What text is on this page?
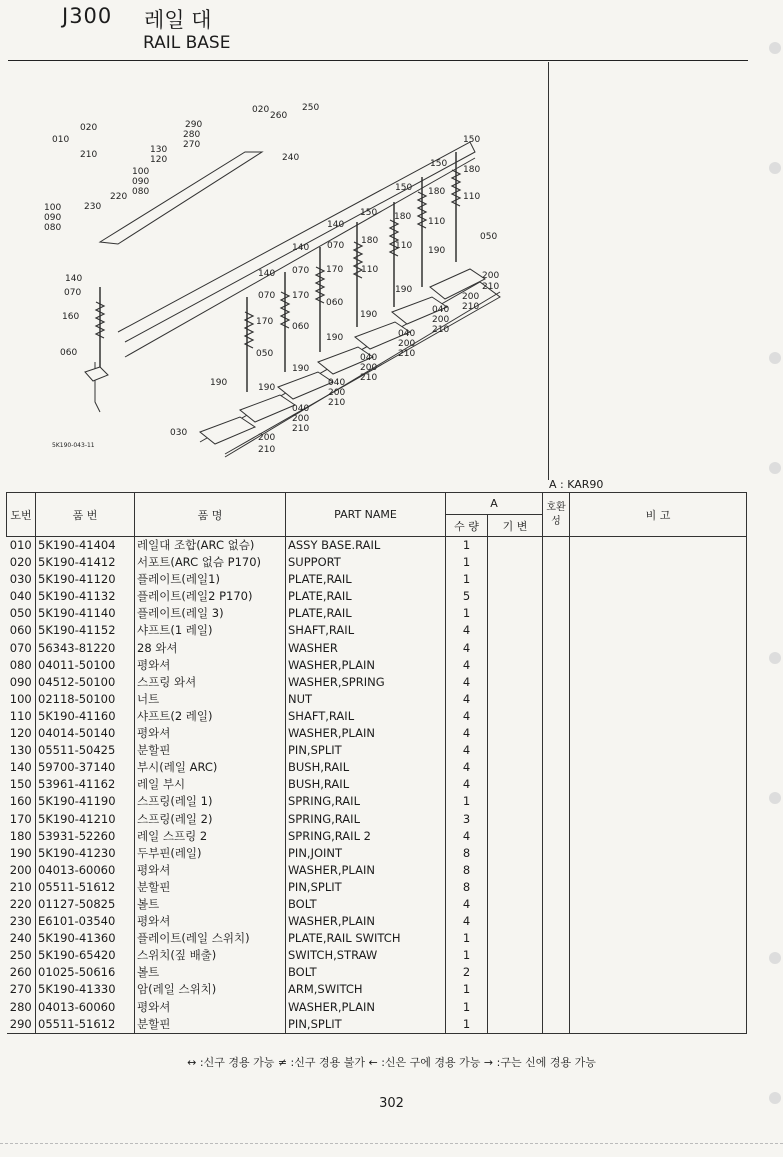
J300 레일 대
RAIL BASE
010
020
210
290
280
270
020
260
250
240
130
120
100
090
080
220
230
100
090
080
140
070
160
060
150
150
180
150 180 110
150 180 110
050
140
070 180 110 190
140
070 170 110
200
210
200
210
140
070 170
060
190
190
040
200
210
170 060
040
200
210
050
190
040
200
210
190	190
190
040
200
210
040
200
210
030	200
210
5K190-043-11
A : KAR90
도번	품 번	품 명	PART NAME	A		호환성	비 고
				수 량	기 변		
010	5K190-41404	레일대 조합(ARC 없슴)	ASSY BASE.RAIL	1			
020	5K190-41412	서포트(ARC 없슴 P170)	SUPPORT	1			
030	5K190-41120	플레이트(레일1)	PLATE,RAIL	1			
040	5K190-41132	플레이트(레일2 P170)	PLATE,RAIL	5			
050	5K190-41140	플레이트(레일 3)	PLATE,RAIL	1			
060	5K190-41152	샤프트(1 레일)	SHAFT,RAIL	4			
070	56343-81220	28 와셔	WASHER	4			
080	04011-50100	평와셔	WASHER,PLAIN	4			
090	04512-50100	스프링 와셔	WASHER,SPRING	4			
100	02118-50100	너트	NUT	4			
110	5K190-41160	샤프트(2 레일)	SHAFT,RAIL	4			
120	04014-50140	평와셔	WASHER,PLAIN	4			
130	05511-50425	분할핀	PIN,SPLIT	4			
140	59700-37140	부시(레일 ARC)	BUSH,RAIL	4			
150	53961-41162	레일 부시	BUSH,RAIL	4			
160	5K190-41190	스프링(레일 1)	SPRING,RAIL	1			
170	5K190-41210	스프링(레일 2)	SPRING,RAIL	3			
180	53931-52260	레일 스프링 2	SPRING,RAIL 2	4			
190	5K190-41230	두부핀(레일)	PIN,JOINT	8			
200	04013-60060	평와셔	WASHER,PLAIN	8			
210	05511-51612	분할핀	PIN,SPLIT	8			
220	01127-50825	볼트	BOLT	4			
230	E6101-03540	평와셔	WASHER,PLAIN	4			
240	5K190-41360	플레이트(레일 스위치)	PLATE,RAIL SWITCH	1			
250	5K190-65420	스위치(짚 배출)	SWITCH,STRAW	1			
260	01025-50616	볼트	BOLT	2			
270	5K190-41330	암(레일 스위치)	ARM,SWITCH	1			
280	04013-60060	평와셔	WASHER,PLAIN	1			
290	05511-51612	분할핀	PIN,SPLIT	1			
↔ :신구 경용 가능 ≠ :신구 경용 불가 ← :신은 구에 경용 가능 → :구는 신에 경용 가능
302
